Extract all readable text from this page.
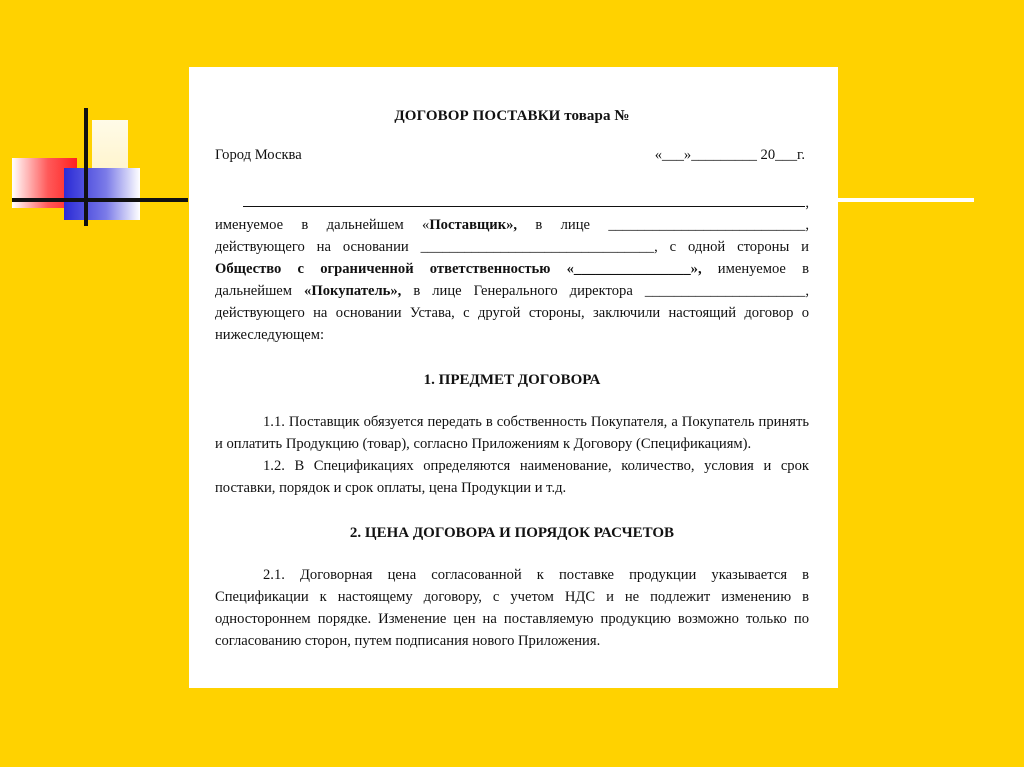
ДОГОВОР ПОСТАВКИ товара №
Город Москва	«___»_________ 20___г.

,

именуемое в дальнейшем «Поставщик», в лице ___________________________, действующего на основании ________________________________, с одной стороны и Общество с ограниченной ответственностью «________________», именуемое в дальнейшем «Покупатель», в лице Генерального директора ______________________, действующего на основании Устава, с другой стороны, заключили настоящий договор о нижеследующем:

1. ПРЕДМЕТ ДОГОВОРА

1.1. Поставщик обязуется передать в собственность Покупателя, а Покупатель принять и оплатить Продукцию (товар), согласно Приложениям к Договору (Спецификациям).

1.2. В Спецификациях определяются наименование, количество, условия и срок поставки, порядок и срок оплаты, цена Продукции и т.д.

2. ЦЕНА ДОГОВОРА И ПОРЯДОК РАСЧЕТОВ

2.1. Договорная цена согласованной к поставке продукции указывается в Спецификации к настоящему договору, с учетом НДС и не подлежит изменению в одностороннем порядке. Изменение цен на поставляемую продукцию возможно только по согласованию сторон, путем подписания нового Приложения.
